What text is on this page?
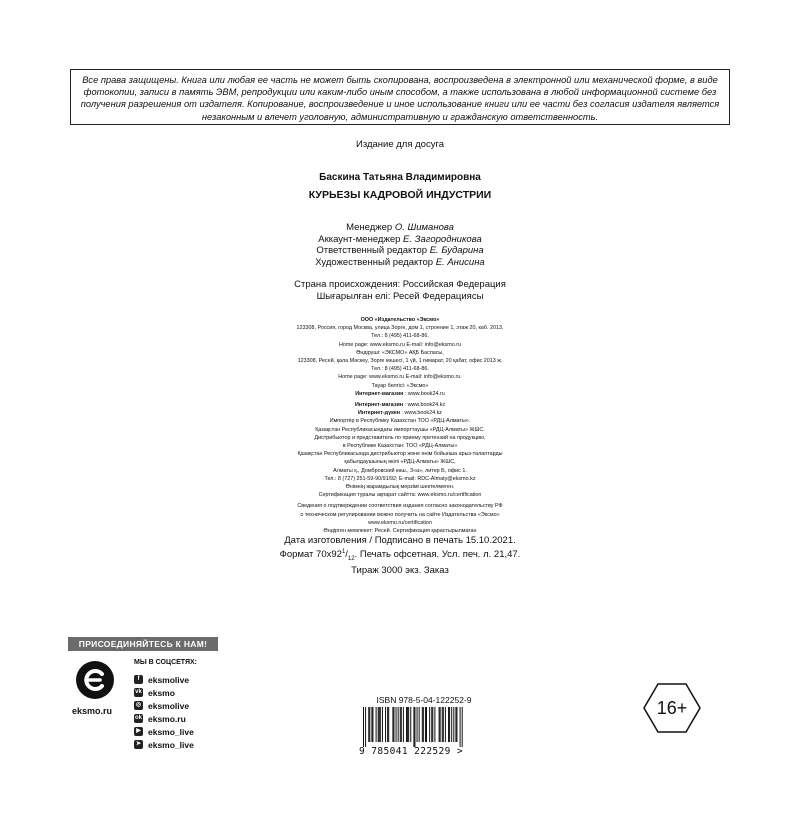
Все права защищены. Книга или любая ее часть не может быть скопирована, воспроизведена в электронной или механической форме, в виде фотокопии, записи в память ЭВМ, репродукции или каким-либо иным способом, а также использована в любой информационной системе без получения разрешения от издателя. Копирование, воспроизведение и иное использование книги или ее части без согласия издателя является незаконным и влечет уголовную, административную и гражданскую ответственность.
Издание для досуга
Баскина Татьяна Владимировна
КУРЬЕЗЫ КАДРОВОЙ ИНДУСТРИИ
Менеджер О. Шиманова
Аккаунт-менеджер Е. Загородникова
Ответственный редактор Е. Бударина
Художественный редактор Е. Анисина
Страна происхождения: Российская Федерация
Шығарылған елі: Ресей Федерациясы
ООО «Издательство «Эксмо»
123308, Россия, город Москва, улица Зорге, дом 1, строение 1, этаж 20, каб. 2013.
Тел.: 8 (495) 411-68-86.
Home page: www.eksmo.ru E-mail: info@eksmo.ru
Өндіруші: «ЭКСМО» АҚБ Баспасы,
123308, Ресей, қала Мәскеу, Зорге көшесі, 1 үй, 1 ғимарат, 20 қабат, офис 2013 ж.
Тел.: 8 (495) 411-68-86.
Home page: www.eksmo.ru E-mail: info@eksmo.ru.
Тауар белгісі: «Эксмо»
Интернет-магазин : www.book24.ru
Интернет-магазин : www.book24.kz
Интернет-дүкен : www.book24.kz
Импортёр в Республику Казахстан ТОО «РДЦ-Алматы».
Қазақстан Республикасындағы импорттаушы «РДЦ-Алматы» ЖШС.
Дистрибьютор и представитель по приему претензий на продукцию,
в Республике Казахстан: ТОО «РДЦ-Алматы»
Қазақстан Республикасында дистрибьютор және өнім бойынша арыз-талаптарды
қабылдаушының өкілі «РДЦ-Алматы» ЖШС,
Алматы қ., Домбровский көш., 3«а», литер Б, офис 1.
Тел.: 8 (727) 251-59-90/91/92; E-mail: RDC-Almaty@eksmo.kz
Өнімнің жарамдылық мерзімі шектелмеген.
Сертификация туралы ақпарат сайтта: www.eksmo.ru/certification
Сведения о подтверждении соответствия издания согласно законодательству РФ
о техническом регулировании можно получить на сайте Издательства «Эксмо»
www.eksmo.ru/certification
Өндірген мемлекет: Ресей. Сертификация қарастырылмаған
Дата изготовления / Подписано в печать 15.10.2021.
Формат $70х92^1/_{12}$. Печать офсетная. Усл. печ. л. 21,47.
Тираж 3000 экз. Заказ
ПРИСОЕДИНЯЙТЕСЬ К НАМ!
eksmo.ru
МЫ В СОЦСЕТЯХ:
f	eksmolive
vk eksmo
◎ eksmolive
ok eksmo.ru
▶ eksmo_live
➤ eksmo_live
ISBN 978-5-04-122252-9
9 785041 222529 >
16+
